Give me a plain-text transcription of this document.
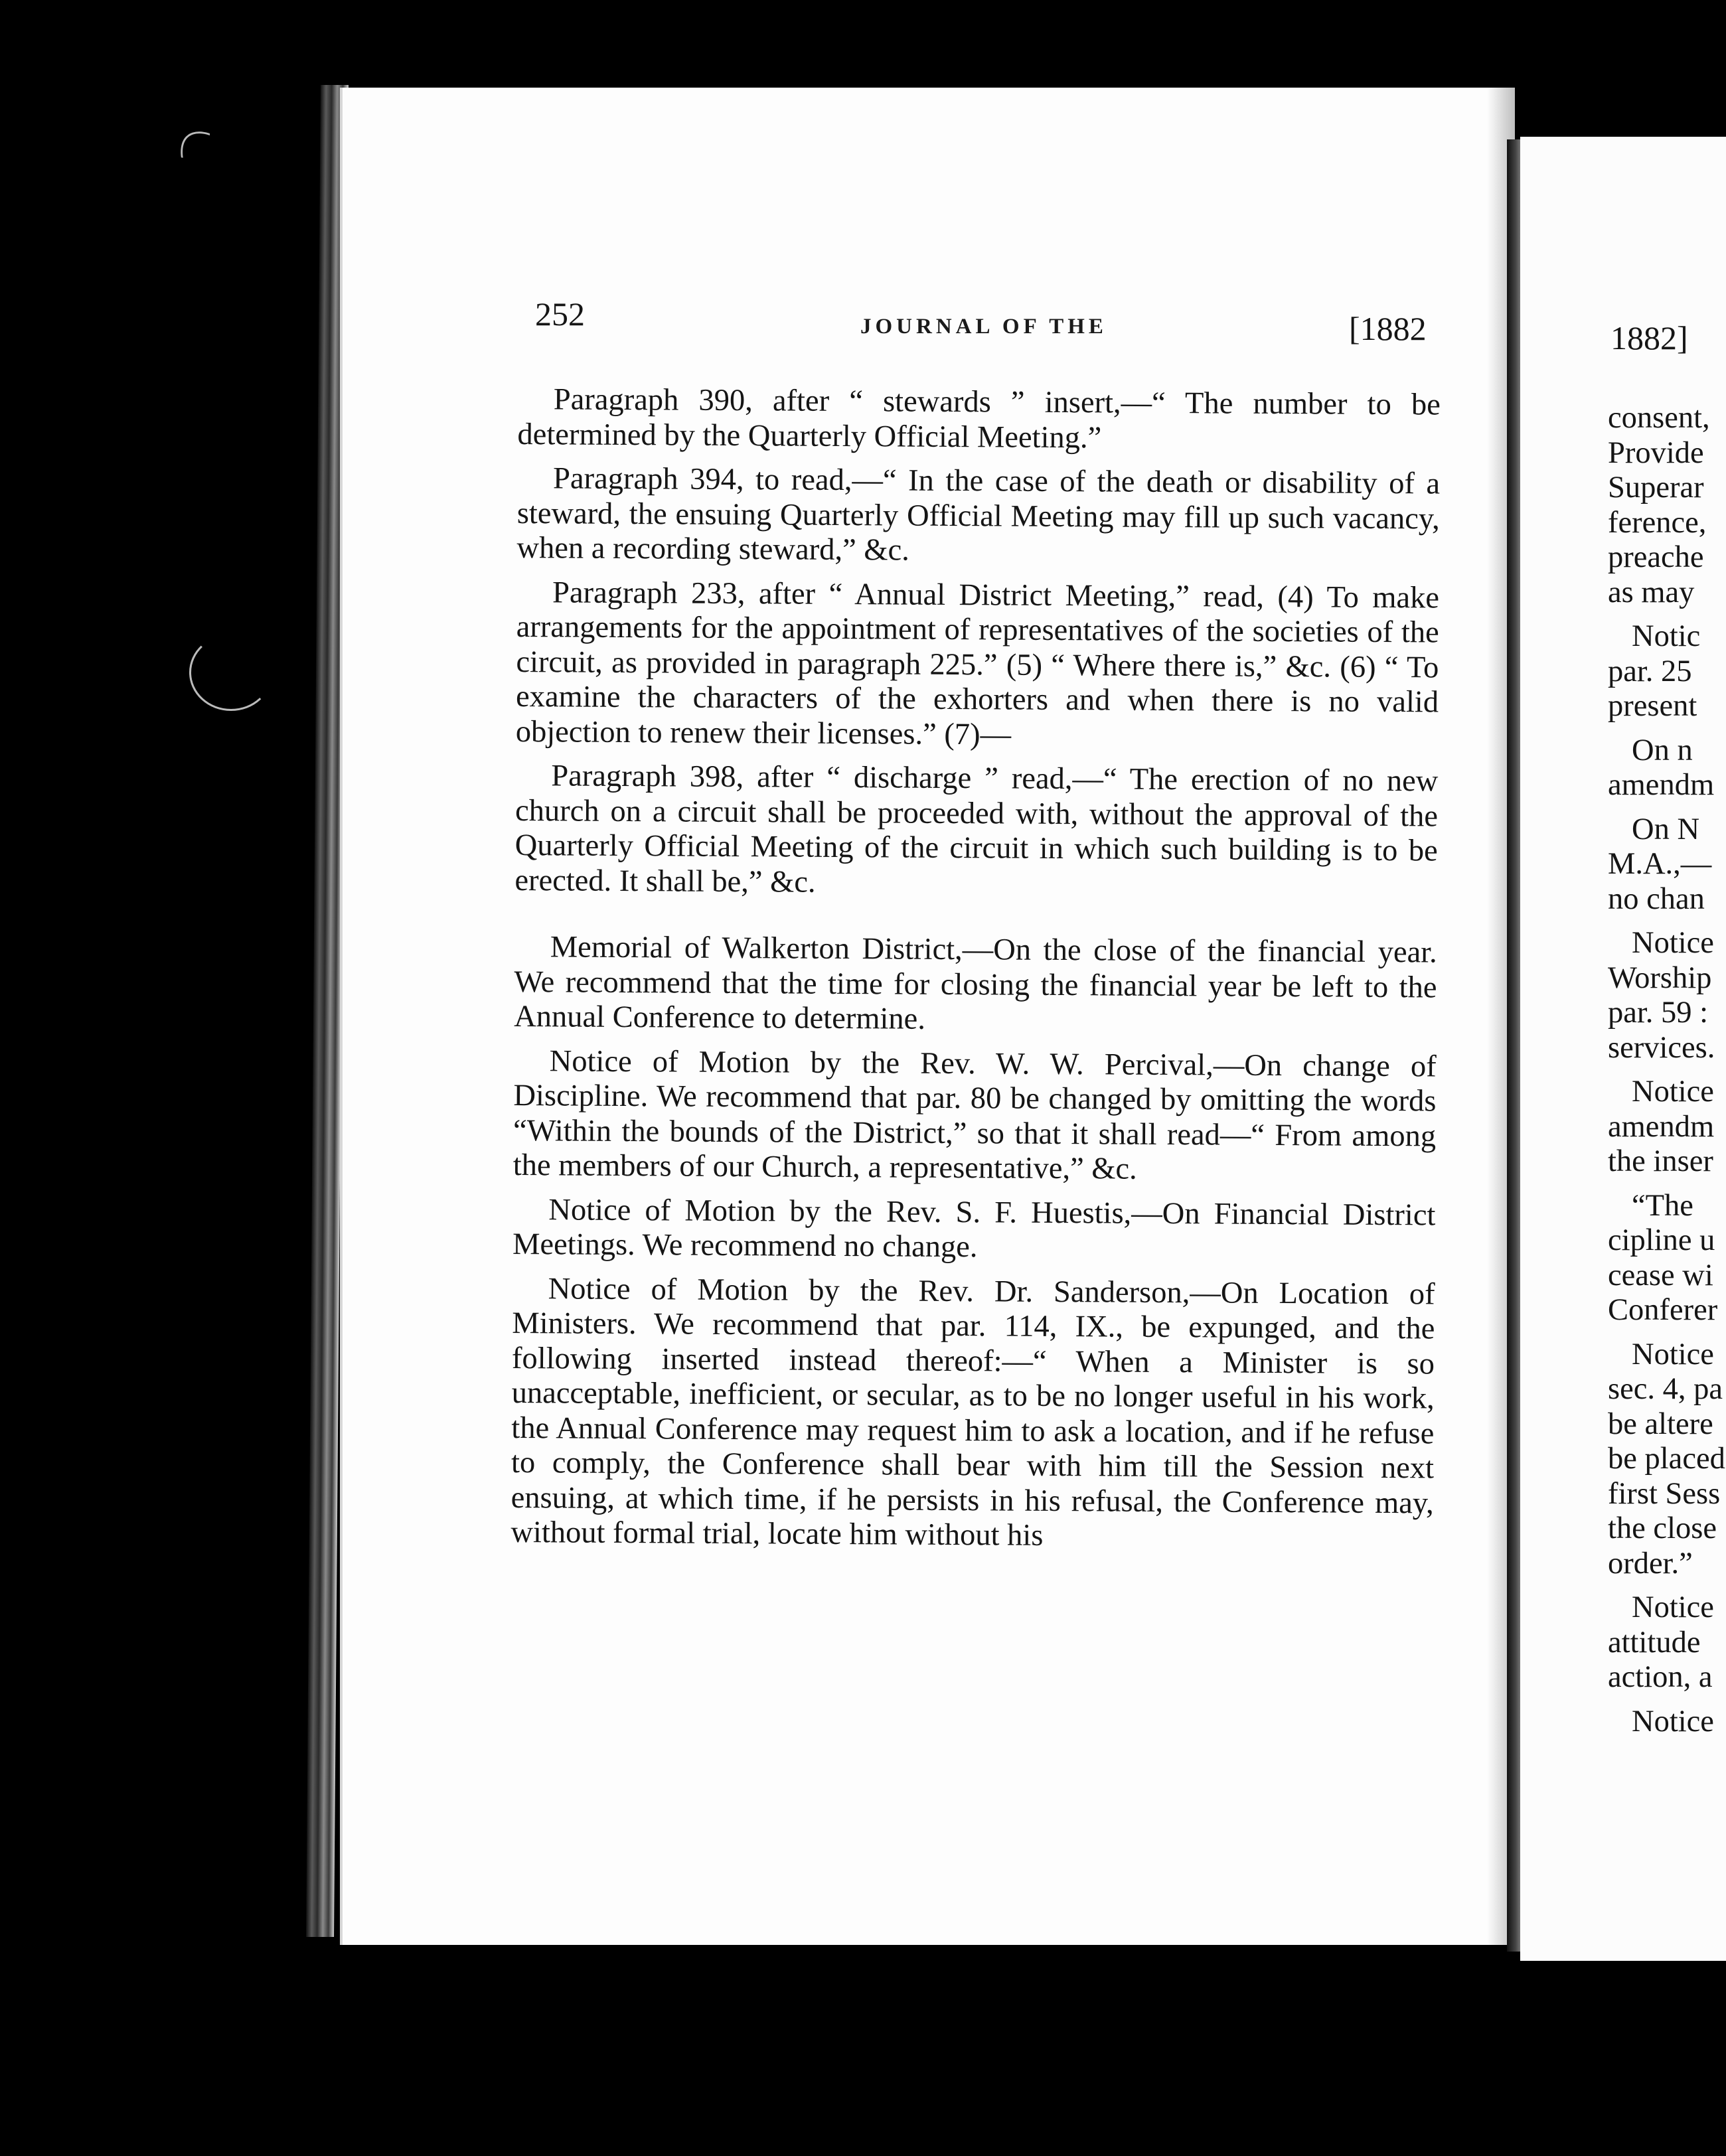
252	JOURNAL OF THE	[1882	1882]

Paragraph 390, after “ stewards ” insert,—“ The number to be determined by the Quarterly Official Meeting.”

Paragraph 394, to read,—“ In the case of the death or disability of a steward, the ensuing Quarterly Official Meeting may fill up such vacancy, when a recording steward,” &c.

Paragraph 233, after “ Annual District Meeting,” read, (4) To make arrangements for the appointment of representatives of the societies of the circuit, as provided in paragraph 225.” (5) “ Where there is,” &c. (6) “ To examine the characters of the exhorters and when there is no valid objection to renew their licenses.” (7)—

Paragraph 398, after “ discharge ” read,—“ The erection of no new church on a circuit shall be proceeded with, without the approval of the Quarterly Official Meeting of the circuit in which such building is to be erected. It shall be,” &c.

Memorial of Walkerton District,—On the close of the financial year. We recommend that the time for closing the financial year be left to the Annual Conference to determine.

Notice of Motion by the Rev. W. W. Percival,—On change of Discipline. We recommend that par. 80 be changed by omitting the words “Within the bounds of the District,” so that it shall read—“ From among the members of our Church, a representative,” &c.

Notice of Motion by the Rev. S. F. Huestis,—On Financial District Meetings. We recommend no change.

Notice of Motion by the Rev. Dr. Sanderson,—On Location of Ministers. We recommend that par. 114, IX., be expunged, and the following inserted instead thereof:—“ When a Minister is so unacceptable, inefficient, or secular, as to be no longer useful in his work, the Annual Conference may request him to ask a location, and if he refuse to comply, the Conference shall bear with him till the Session next ensuing, at which time, if he persists in his refusal, the Conference may, without formal trial, locate him without his

consent,
Provide
Superar
ference,
preache
as may
Notic
par. 25
present
On n
amendm
On N
M.A.,—
no chan
Notice
Worship
par. 59 :
services.
Notice
amendm
the inser
“The
cipline u
cease wi
Conferer
Notice
sec. 4, pa
be altere
be placed
first Sess
the close
order.”
Notice
attitude
action, a
Notice
